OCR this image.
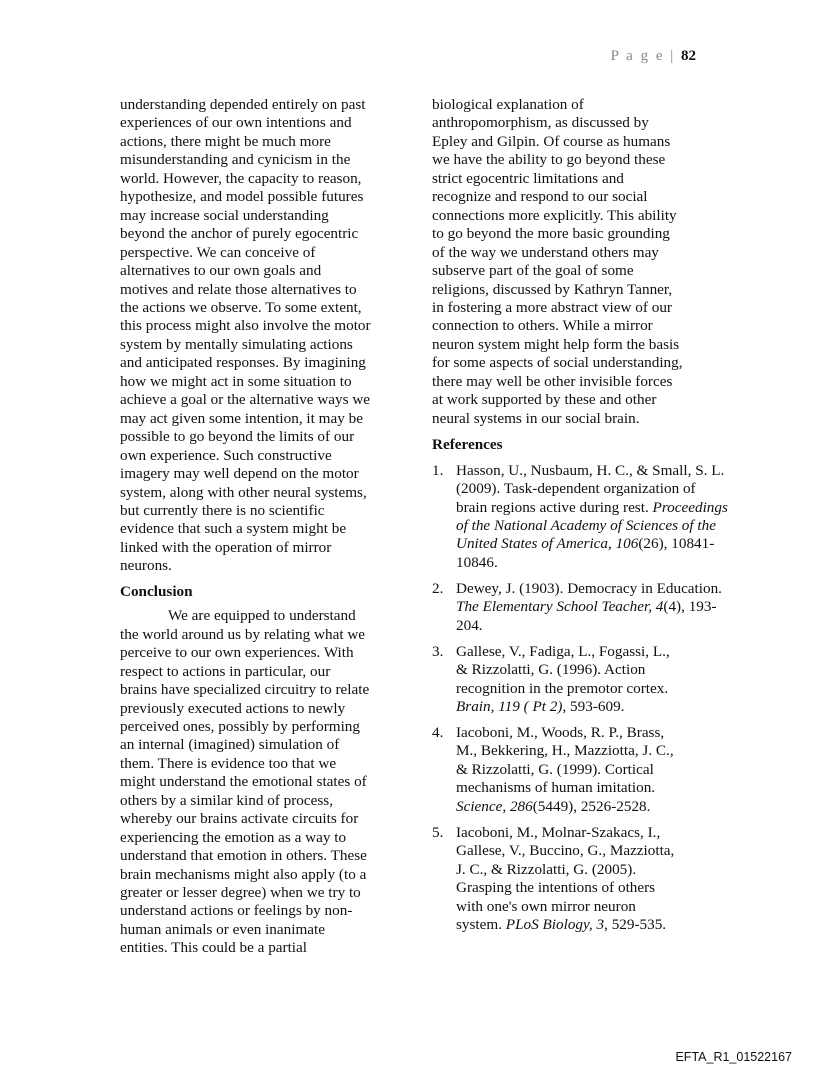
P a g e | 82
understanding depended entirely on past
experiences of our own intentions and
actions, there might be much more
misunderstanding and cynicism in the
world. However, the capacity to reason,
hypothesize, and model possible futures
may increase social understanding
beyond the anchor of purely egocentric
perspective. We can conceive of
alternatives to our own goals and
motives and relate those alternatives to
the actions we observe. To some extent,
this process might also involve the motor
system by mentally simulating actions
and anticipated responses. By imagining
how we might act in some situation to
achieve a goal or the alternative ways we
may act given some intention, it may be
possible to go beyond the limits of our
own experience. Such constructive
imagery may well depend on the motor
system, along with other neural systems,
but currently there is no scientific
evidence that such a system might be
linked with the operation of mirror
neurons.
Conclusion
We are equipped to understand
the world around us by relating what we
perceive to our own experiences. With
respect to actions in particular, our
brains have specialized circuitry to relate
previously executed actions to newly
perceived ones, possibly by performing
an internal (imagined) simulation of
them. There is evidence too that we
might understand the emotional states of
others by a similar kind of process,
whereby our brains activate circuits for
experiencing the emotion as a way to
understand that emotion in others. These
brain mechanisms might also apply (to a
greater or lesser degree) when we try to
understand actions or feelings by non-
human animals or even inanimate
entities. This could be a partial
biological explanation of
anthropomorphism, as discussed by
Epley and Gilpin. Of course as humans
we have the ability to go beyond these
strict egocentric limitations and
recognize and respond to our social
connections more explicitly. This ability
to go beyond the more basic grounding
of the way we understand others may
subserve part of the goal of some
religions, discussed by Kathryn Tanner,
in fostering a more abstract view of our
connection to others. While a mirror
neuron system might help form the basis
for some aspects of social understanding,
there may well be other invisible forces
at work supported by these and other
neural systems in our social brain.
References
1. Hasson, U., Nusbaum, H. C., & Small, S. L.
(2009). Task-dependent organization of
brain regions active during rest. Proceedings
of the National Academy of Sciences of the
United States of America, 106(26), 10841-
10846.
2. Dewey, J. (1903). Democracy in Education.
The Elementary School Teacher, 4(4), 193-
204.
3. Gallese, V., Fadiga, L., Fogassi, L.,
& Rizzolatti, G. (1996). Action
recognition in the premotor cortex.
Brain, 119 ( Pt 2), 593-609.
4. Iacoboni, M., Woods, R. P., Brass,
M., Bekkering, H., Mazziotta, J. C.,
& Rizzolatti, G. (1999). Cortical
mechanisms of human imitation.
Science, 286(5449), 2526-2528.
5. Iacoboni, M., Molnar-Szakacs, I.,
Gallese, V., Buccino, G., Mazziotta,
J. C., & Rizzolatti, G. (2005).
Grasping the intentions of others
with one's own mirror neuron
system. PLoS Biology, 3, 529-535.
EFTA_R1_01522167
